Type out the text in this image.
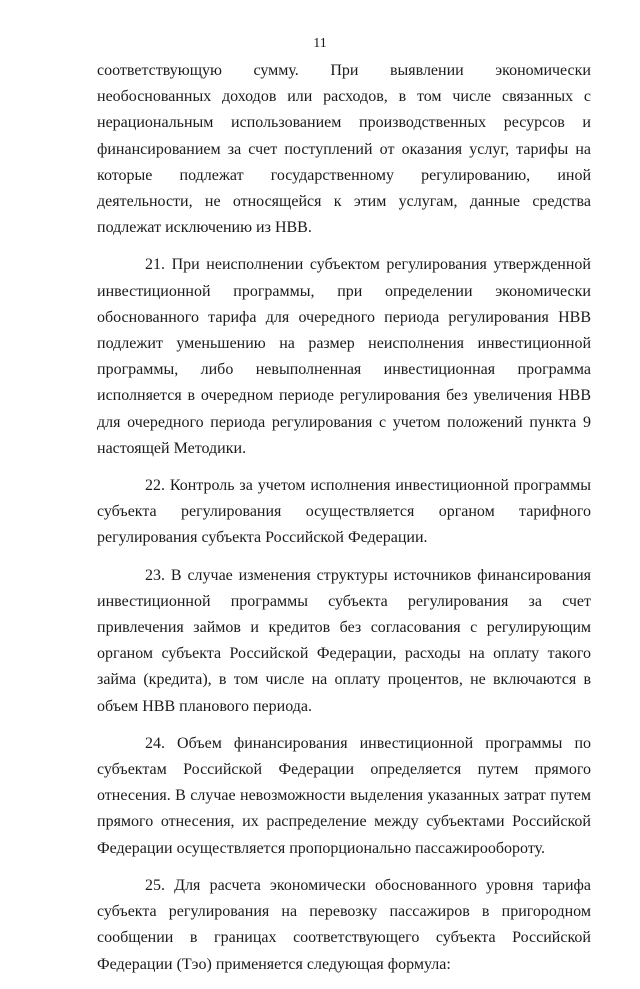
11

соответствующую сумму. При выявлении экономически необоснованных доходов или расходов, в том числе связанных с нерациональным использованием производственных ресурсов и финансированием за счет поступлений от оказания услуг, тарифы на которые подлежат государственному регулированию, иной деятельности, не относящейся к этим услугам, данные средства подлежат исключению из НВВ.

21. При неисполнении субъектом регулирования утвержденной инвестиционной программы, при определении экономически обоснованного тарифа для очередного периода регулирования НВВ подлежит уменьшению на размер неисполнения инвестиционной программы, либо невыполненная инвестиционная программа исполняется в очередном периоде регулирования без увеличения НВВ для очередного периода регулирования с учетом положений пункта 9 настоящей Методики.

22. Контроль за учетом исполнения инвестиционной программы субъекта регулирования осуществляется органом тарифного регулирования субъекта Российской Федерации.

23. В случае изменения структуры источников финансирования инвестиционной программы субъекта регулирования за счет привлечения займов и кредитов без согласования с регулирующим органом субъекта Российской Федерации, расходы на оплату такого займа (кредита), в том числе на оплату процентов, не включаются в объем НВВ планового периода.

24. Объем финансирования инвестиционной программы по субъектам Российской Федерации определяется путем прямого отнесения. В случае невозможности выделения указанных затрат путем прямого отнесения, их распределение между субъектами Российской Федерации осуществляется пропорционально пассажирообороту.

25. Для расчета экономически обоснованного уровня тарифа субъекта регулирования на перевозку пассажиров в пригородном сообщении в границах соответствующего субъекта Российской Федерации (Тэо) применяется следующая формула:
